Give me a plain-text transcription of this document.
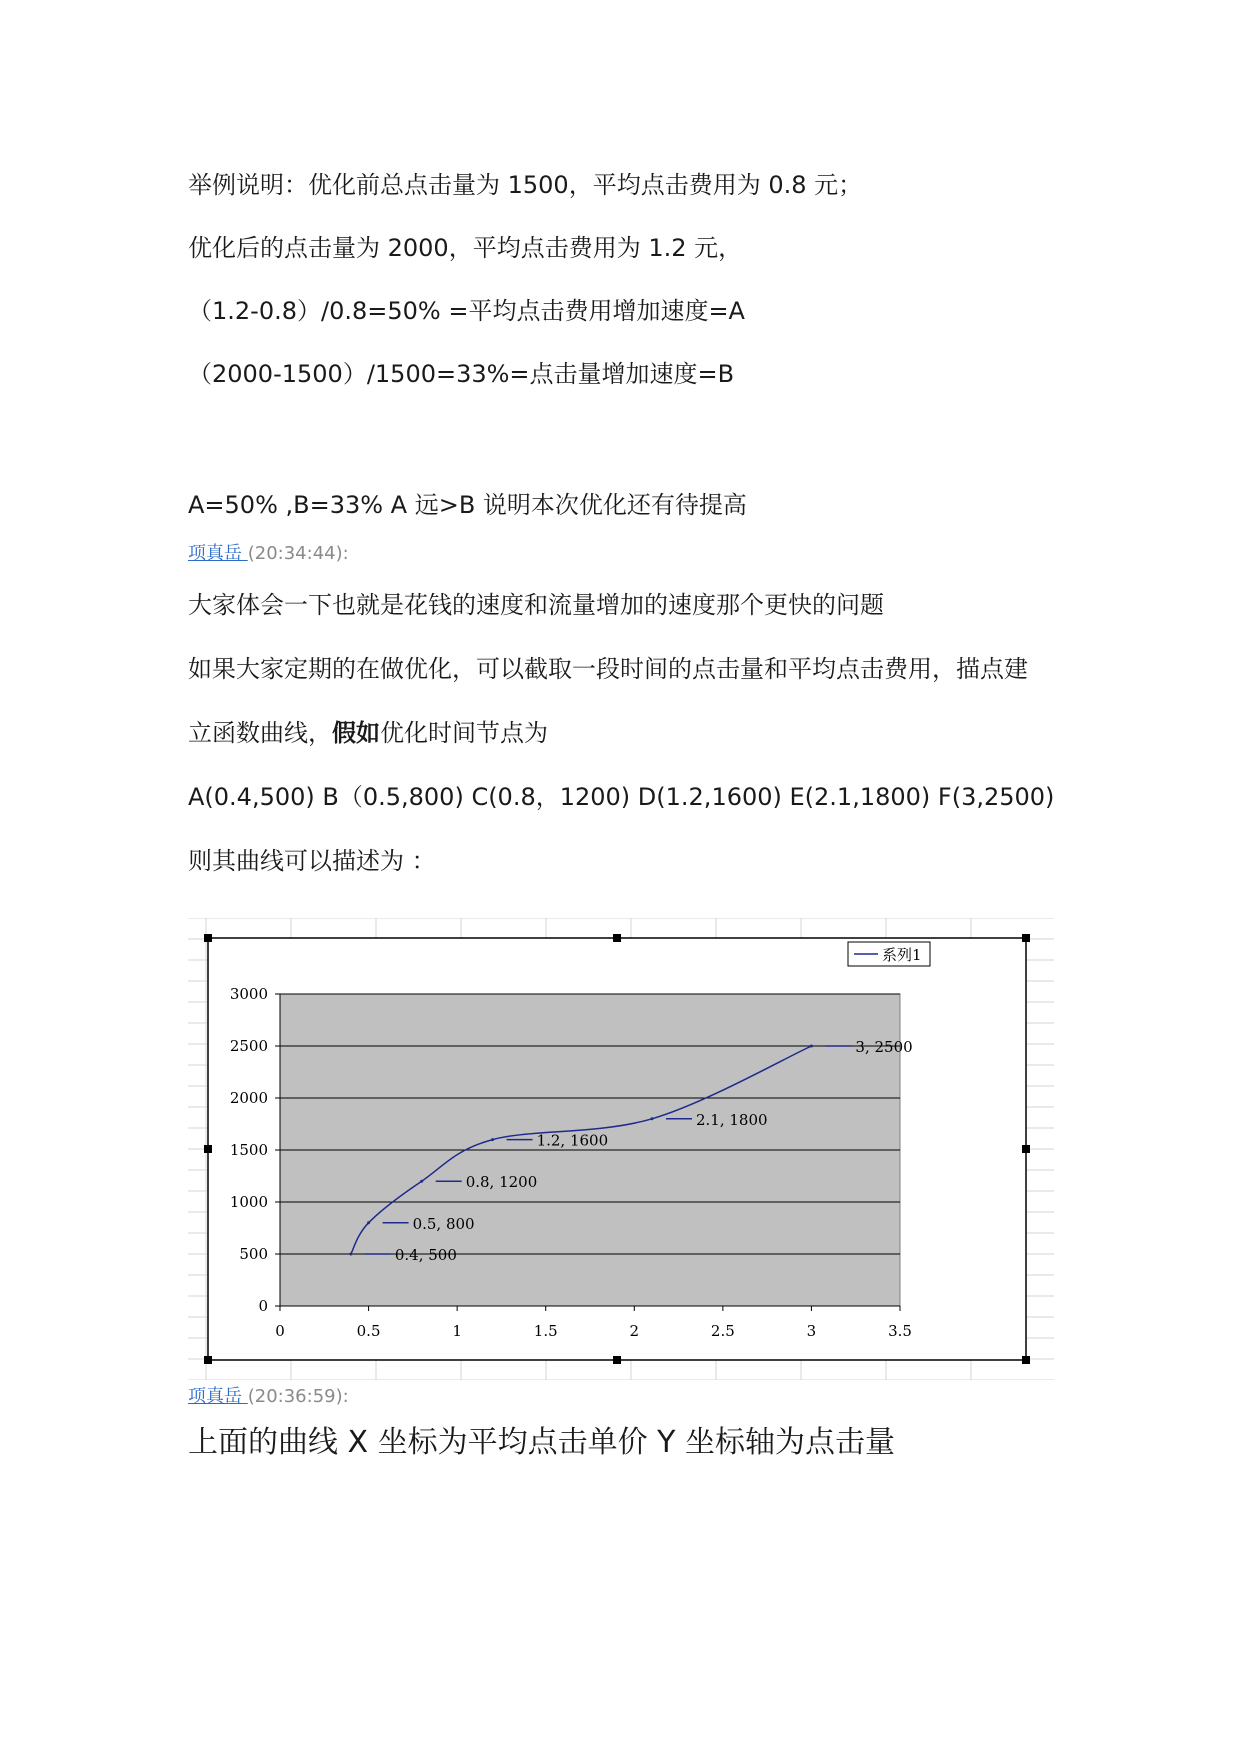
举例说明：优化前总点击量为 1500，平均点击费用为 0.8 元；
优化后的点击量为 2000，平均点击费用为 1.2 元，
（1.2-0.8）/0.8=50% =平均点击费用增加速度=A
（2000-1500）/1500=33%=点击量增加速度=B
A=50% ,B=33% A 远>B 说明本次优化还有待提高
项真岳 (20:34:44):
大家体会一下也就是花钱的速度和流量增加的速度那个更快的问题
如果大家定期的在做优化，可以截取一段时间的点击量和平均点击费用，描点建
立函数曲线，假如优化时间节点为
A(0.4,500) B（0.5,800) C(0.8，1200) D(1.2,1600) E(2.1,1800) F(3,2500)
则其曲线可以描述为 ：
0
500
1000
1500
2000
2500
3000
0	0.5	1	1.5	2	2.5	3	3.5
0.4, 500
0.5, 800
0.8, 1200
1.2, 1600
2.1, 1800
3, 2500
系列1
项真岳 (20:36:59):
上面的曲线 X 坐标为平均点击单价 Y 坐标轴为点击量
